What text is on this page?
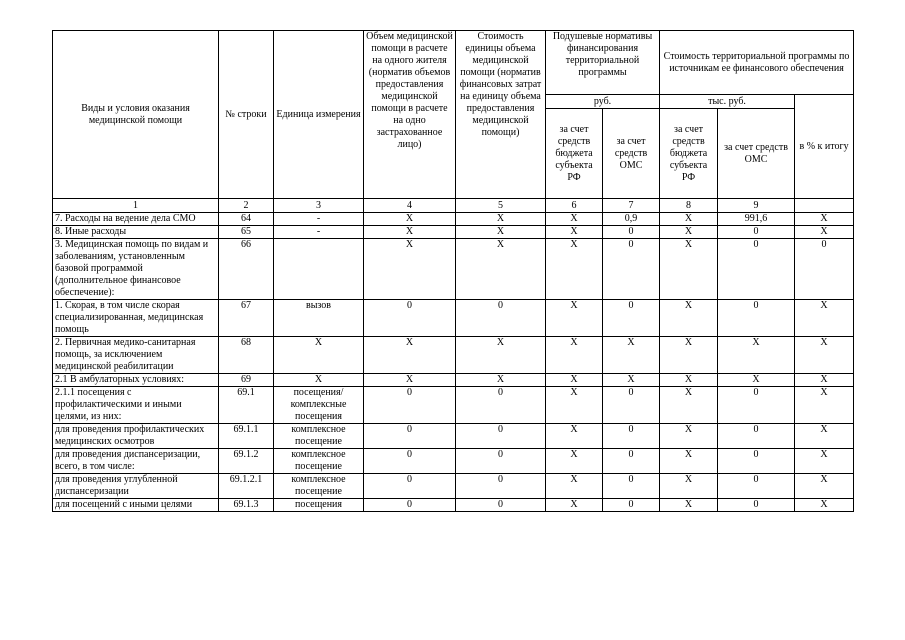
Виды и условия оказания медицинской помощи	№ строки	Единица измерения	Объем медицинской помощи в расчете на одного жителя (норматив объемов предоставления медицинской помощи в расчете на одно застрахованное лицо)	Стоимость единицы объема медицинской помощи (норматив финансовых затрат на единицу объема предоставления медицинской помощи)	Подушевые нормативы финансирования территориальной программы		Стоимость территориальной программы по источникам ее финансового обеспечения		
					руб.		тыс. руб.		в % к итогу
					за счет средств бюджета субъекта РФ	за счет средств ОМС	за счет средств бюджета субъекта РФ	за счет средств ОМС	
1	2	3	4	5	6	7	8	9	
7. Расходы на ведение дела СМО	64	-	X	X	X	0,9	X	991,6	X
8. Иные расходы	65	-	X	X	X	0	X	0	X
3. Медицинская помощь по видам и заболеваниям, установленным базовой программой (дополнительное финансовое обеспечение):	66		X	X	X	0	X	0	0
1. Скорая, в том числе скорая специализированная, медицинская помощь	67	вызов	0	0	X	0	X	0	X
2. Первичная медико-санитарная помощь, за исключением медицинской реабилитации	68	X	X	X	X	X	X	X	X
2.1 В амбулаторных условиях:	69	X	X	X	X	X	X	X	X
2.1.1 посещения с профилактическими и иными целями, из них:	69.1	посещения/ комплексные посещения	0	0	X	0	X	0	X
для проведения профилактических медицинских осмотров	69.1.1	комплексное посещение	0	0	X	0	X	0	X
для проведения диспансеризации, всего, в том числе:	69.1.2	комплексное посещение	0	0	X	0	X	0	X
для проведения углубленной диспансеризации	69.1.2.1	комплексное посещение	0	0	X	0	X	0	X
для посещений с иными целями	69.1.3	посещения	0	0	X	0	X	0	X
